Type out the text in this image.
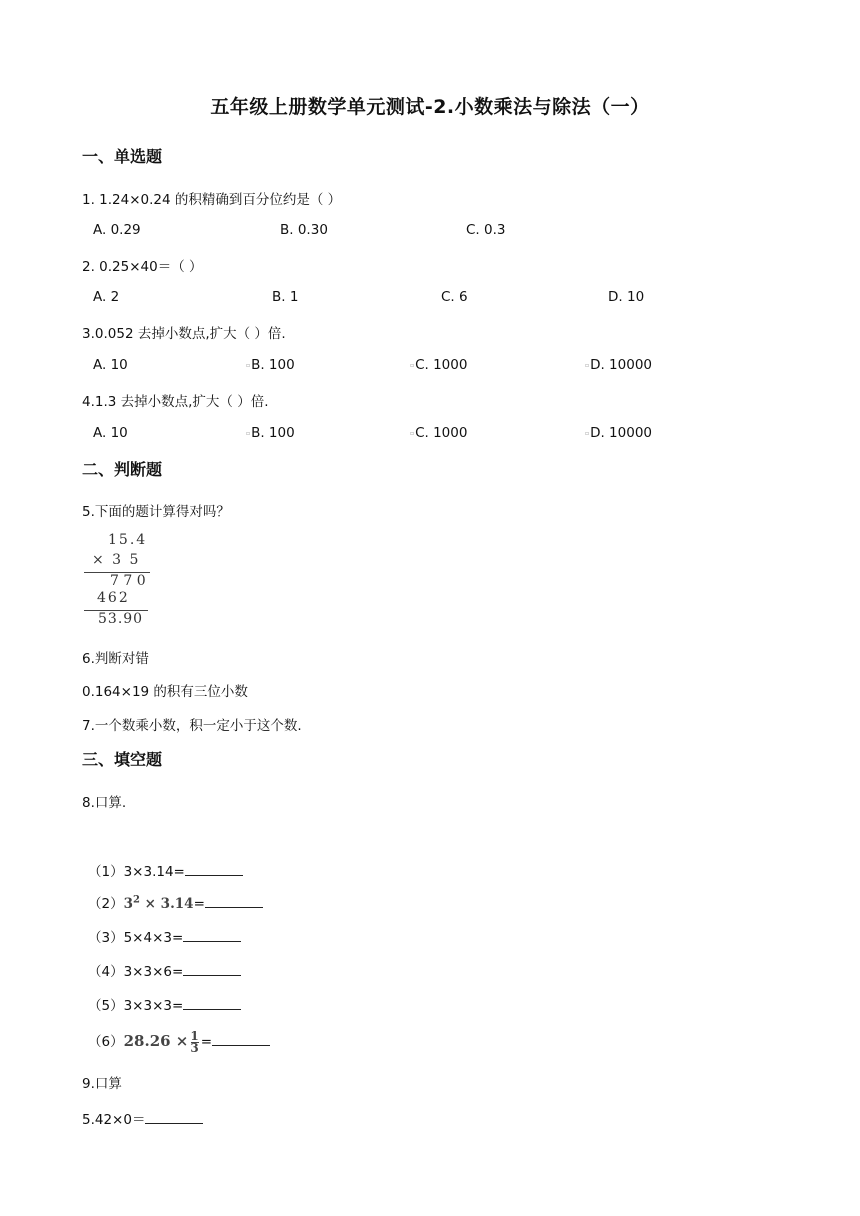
五年级上册数学单元测试-2.小数乘法与除法（一）
一、单选题
1. 1.24×0.24 的积精确到百分位约是（ ）
A. 0.29	B. 0.30	C. 0.3
2. 0.25×40＝（ ）
A. 2	B. 1	C. 6	D. 10
3.0.052 去掉小数点,扩大（ ）倍.
A. 10	▫B. 100	▫C. 1000	▫D. 10000
4.1.3 去掉小数点,扩大（ ）倍.
A. 10	▫B. 100	▫C. 1000	▫D. 10000
二、判断题
5.下面的题计算得对吗？
15.4
× 3 5
7 7 0
462
53.90
6.判断对错
0.164×19 的积有三位小数
7.一个数乘小数，积一定小于这个数.
三、填空题
8.口算.
（1）3×3.14=
$(2)3^2 \times 3.14=$
（3）5×4×3=
（4）3×3×6=
（5）3×3×3=
$(6)28.26 \times \frac{1}{3}$ =
9.口算
5.42×0＝
